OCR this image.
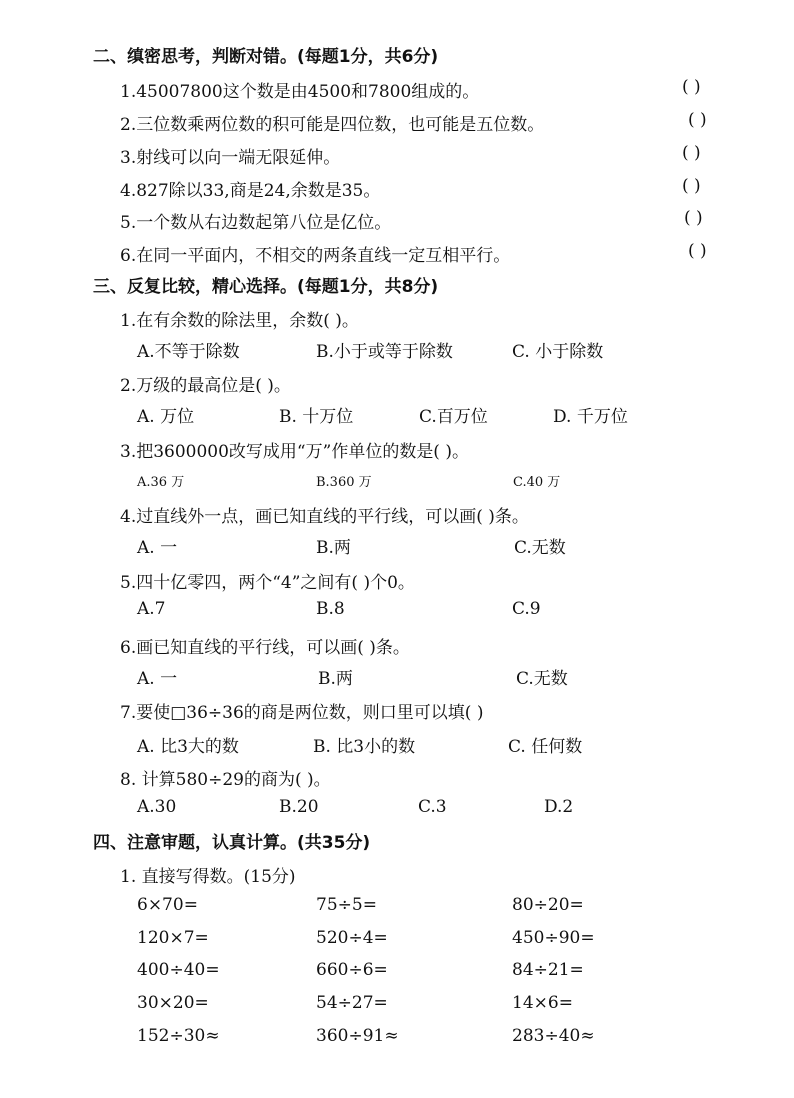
二、缜密思考，判断对错。(每题1分，共6分)
1.45007800这个数是由4500和7800组成的。	( )
2.三位数乘两位数的积可能是四位数，也可能是五位数。	( )
3.射线可以向一端无限延伸。	( )
4.827除以33,商是24,余数是35。	( )
5.一个数从右边数起第八位是亿位。	( )
6.在同一平面内，不相交的两条直线一定互相平行。	( )
三、反复比较，精心选择。(每题1分，共8分)
1.在有余数的除法里，余数( )。
A.不等于除数	B.小于或等于除数	C. 小于除数
2.万级的最高位是( )。
A. 万位	B. 十万位	C.百万位	D. 千万位
3.把3600000改写成用“万”作单位的数是( )。
A.36 万	B.360 万	C.40 万
4.过直线外一点，画已知直线的平行线，可以画( )条。
A. 一	B.两	C.无数
5.四十亿零四，两个“4”之间有( )个0。
A.7	B.8	C.9
6.画已知直线的平行线，可以画( )条。
A. 一	B.两	C.无数
7.要使□36÷36的商是两位数，则口里可以填( )
A. 比3大的数	B. 比3小的数	C. 任何数
8. 计算580÷29的商为( )。
A.30	B.20	C.3	D.2
四、注意审题，认真计算。(共35分)
1. 直接写得数。(15分)
6×70=	75÷5=	80÷20=
120×7=	520÷4=	450÷90=
400÷40=	660÷6=	84÷21=
30×20=	54÷27=	14×6=
152÷30≈	360÷91≈	283÷40≈
